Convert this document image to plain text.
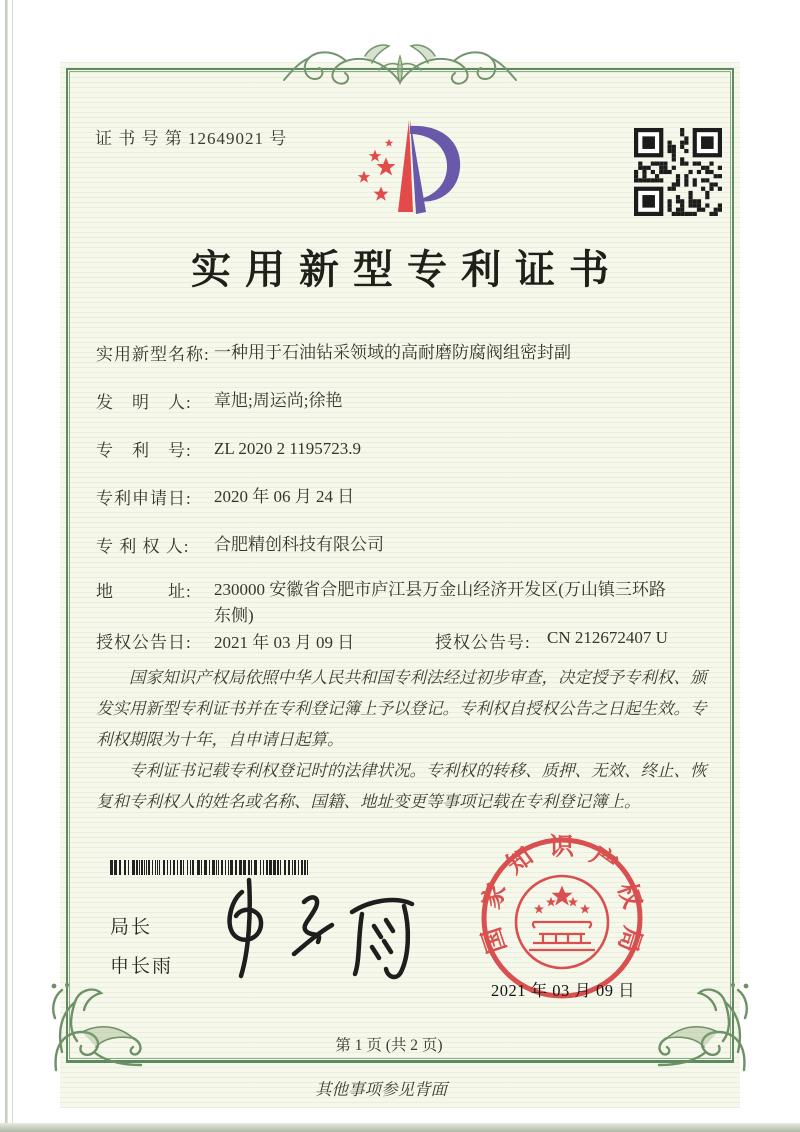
证 书 号 第 12649021 号
实用新型专利证书
实用新型名称: 一种用于石油钻采领域的高耐磨防腐阀组密封副
发　明　人:	章旭;周运尚;徐艳
专　利　号:	ZL 2020 2 1195723.9
专利申请日:	2020 年 06 月 24 日
专 利 权 人:	合肥精创科技有限公司
地　　　址:	230000 安徽省合肥市庐江县万金山经济开发区(万山镇三环路东侧)
授权公告日:	2021 年 03 月 09 日	授权公告号: CN 212672407 U

国家知识产权局依照中华人民共和国专利法经过初步审查，决定授予专利权、颁发实用新型专利证书并在专利登记簿上予以登记。专利权自授权公告之日起生效。专利权期限为十年，自申请日起算。

专利证书记载专利权登记时的法律状况。专利权的转移、质押、无效、终止、恢复和专利权人的姓名或名称、国籍、地址变更等事项记载在专利登记簿上。

局长
申长雨
国家知识产权局
2021 年 03 月 09 日
第 1 页 (共 2 页)
其他事项参见背面
